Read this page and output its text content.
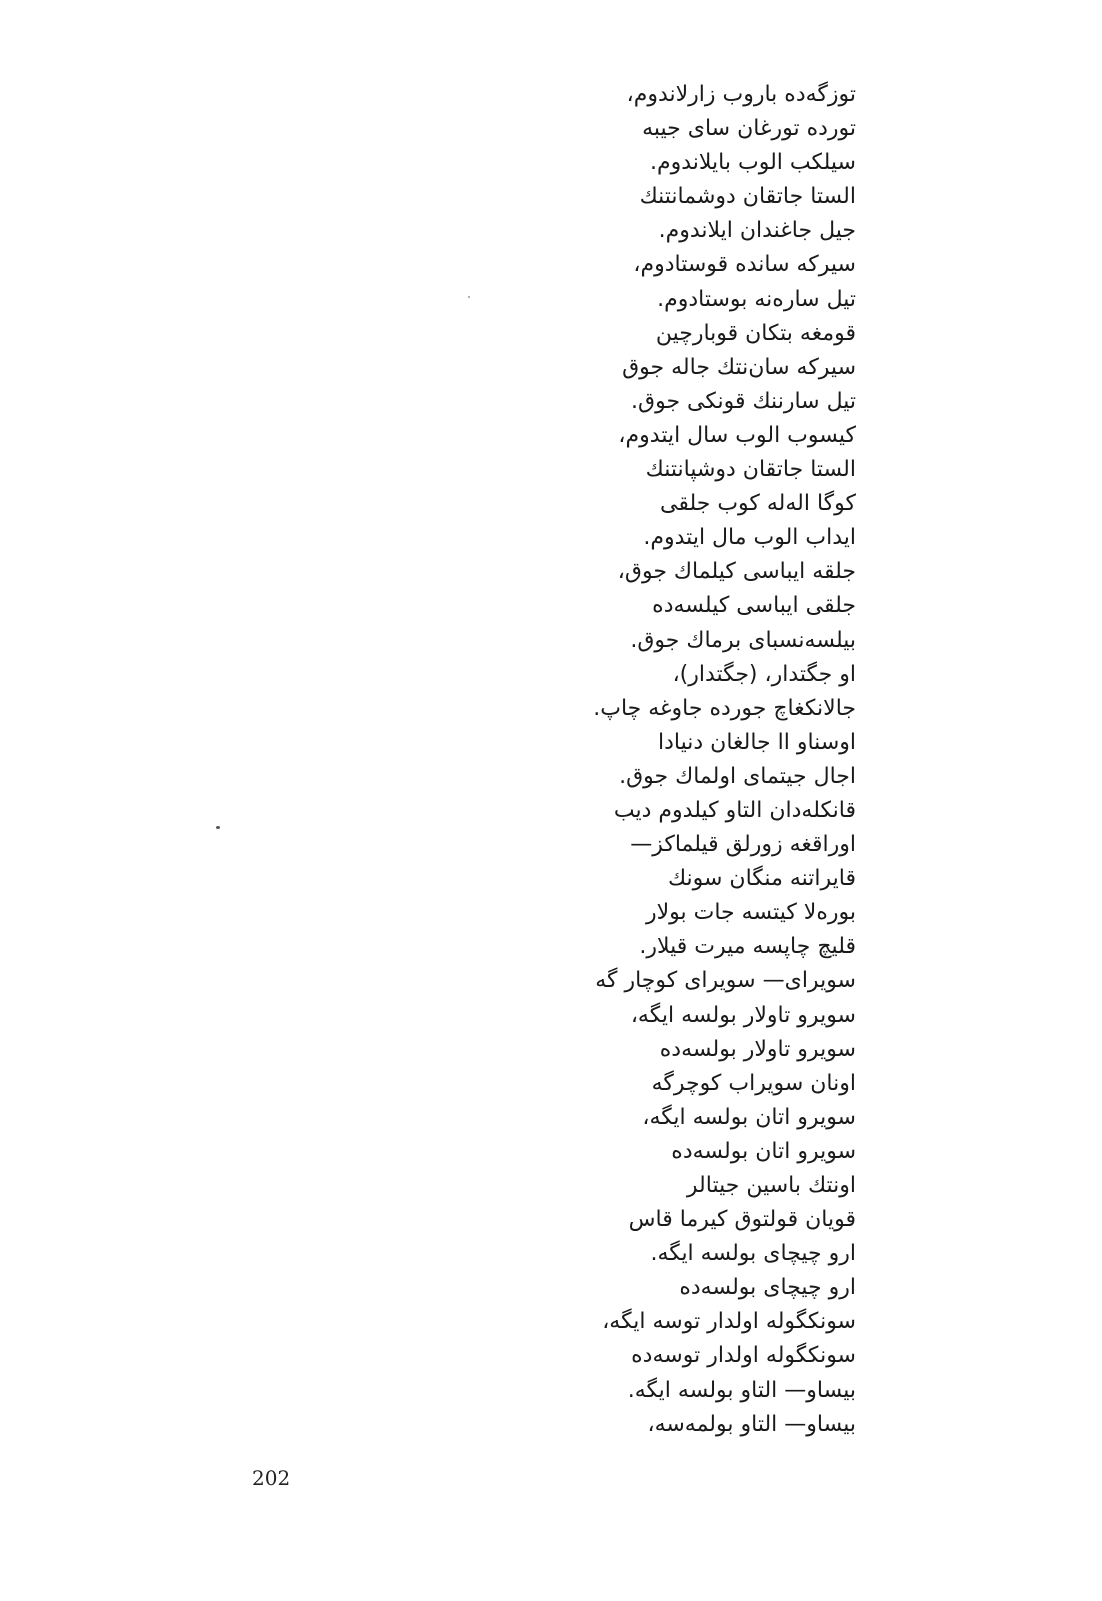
توزگەده باروب زارلاندوم،
تورده تورغان سای جیبه
سیلکب الوب بایلاندوم.
الستا جاتقان دوشمانتنك
جیل جاغندان ایلاندوم.
سیرکه سانده قوستادوم،
تیل سارەنه بوستادوم.
قومغه بتکان قوبارچین
سیرکه سان‌نتك جاله جوق
تیل سارننك قونکی جوق.
کیسوب الوب سال ایتدوم،
الستا جاتقان دوشپانتنك
کوگا الەله کوب جلقی
ایداب الوب مال ایتدوم.
جلقه ایباسی کیلماك جوق،
جلقی ایباسی کیلسەده
بیلسەنسبای برماك جوق.
او جگتدار، (جگتدار)،
جالانکغاچ جورده جاوغه چاپ.
اوسناو اا جالغان دنیادا
اجال جیتمای اولماك جوق.
قانکلەدان التاو کیلدوم دیب
اوراقغه زورلق قیلماکز—
قایراتنه منگان سونك
بورەلا کیتسه جات بولار
قلیچ چاپسه میرت قیلار.
سویرای— سویرای کوچار گه
سویرو تاولار بولسه ایگه،
سویرو تاولار بولسەده
اونان سویراب کوچرگه
سویرو اتان بولسه ایگه،
سویرو اتان بولسەده
اونتك باسین جیتالر
قویان قولتوق کیرما قاس
ارو چیچای بولسه ایگه.
ارو چیچای بولسەده
سونکگوله اولدار توسه ایگه،
سونکگوله اولدار توسەده
بیساو— التاو بولسه ایگه.
بیساو— التاو بولمەسه،
202
